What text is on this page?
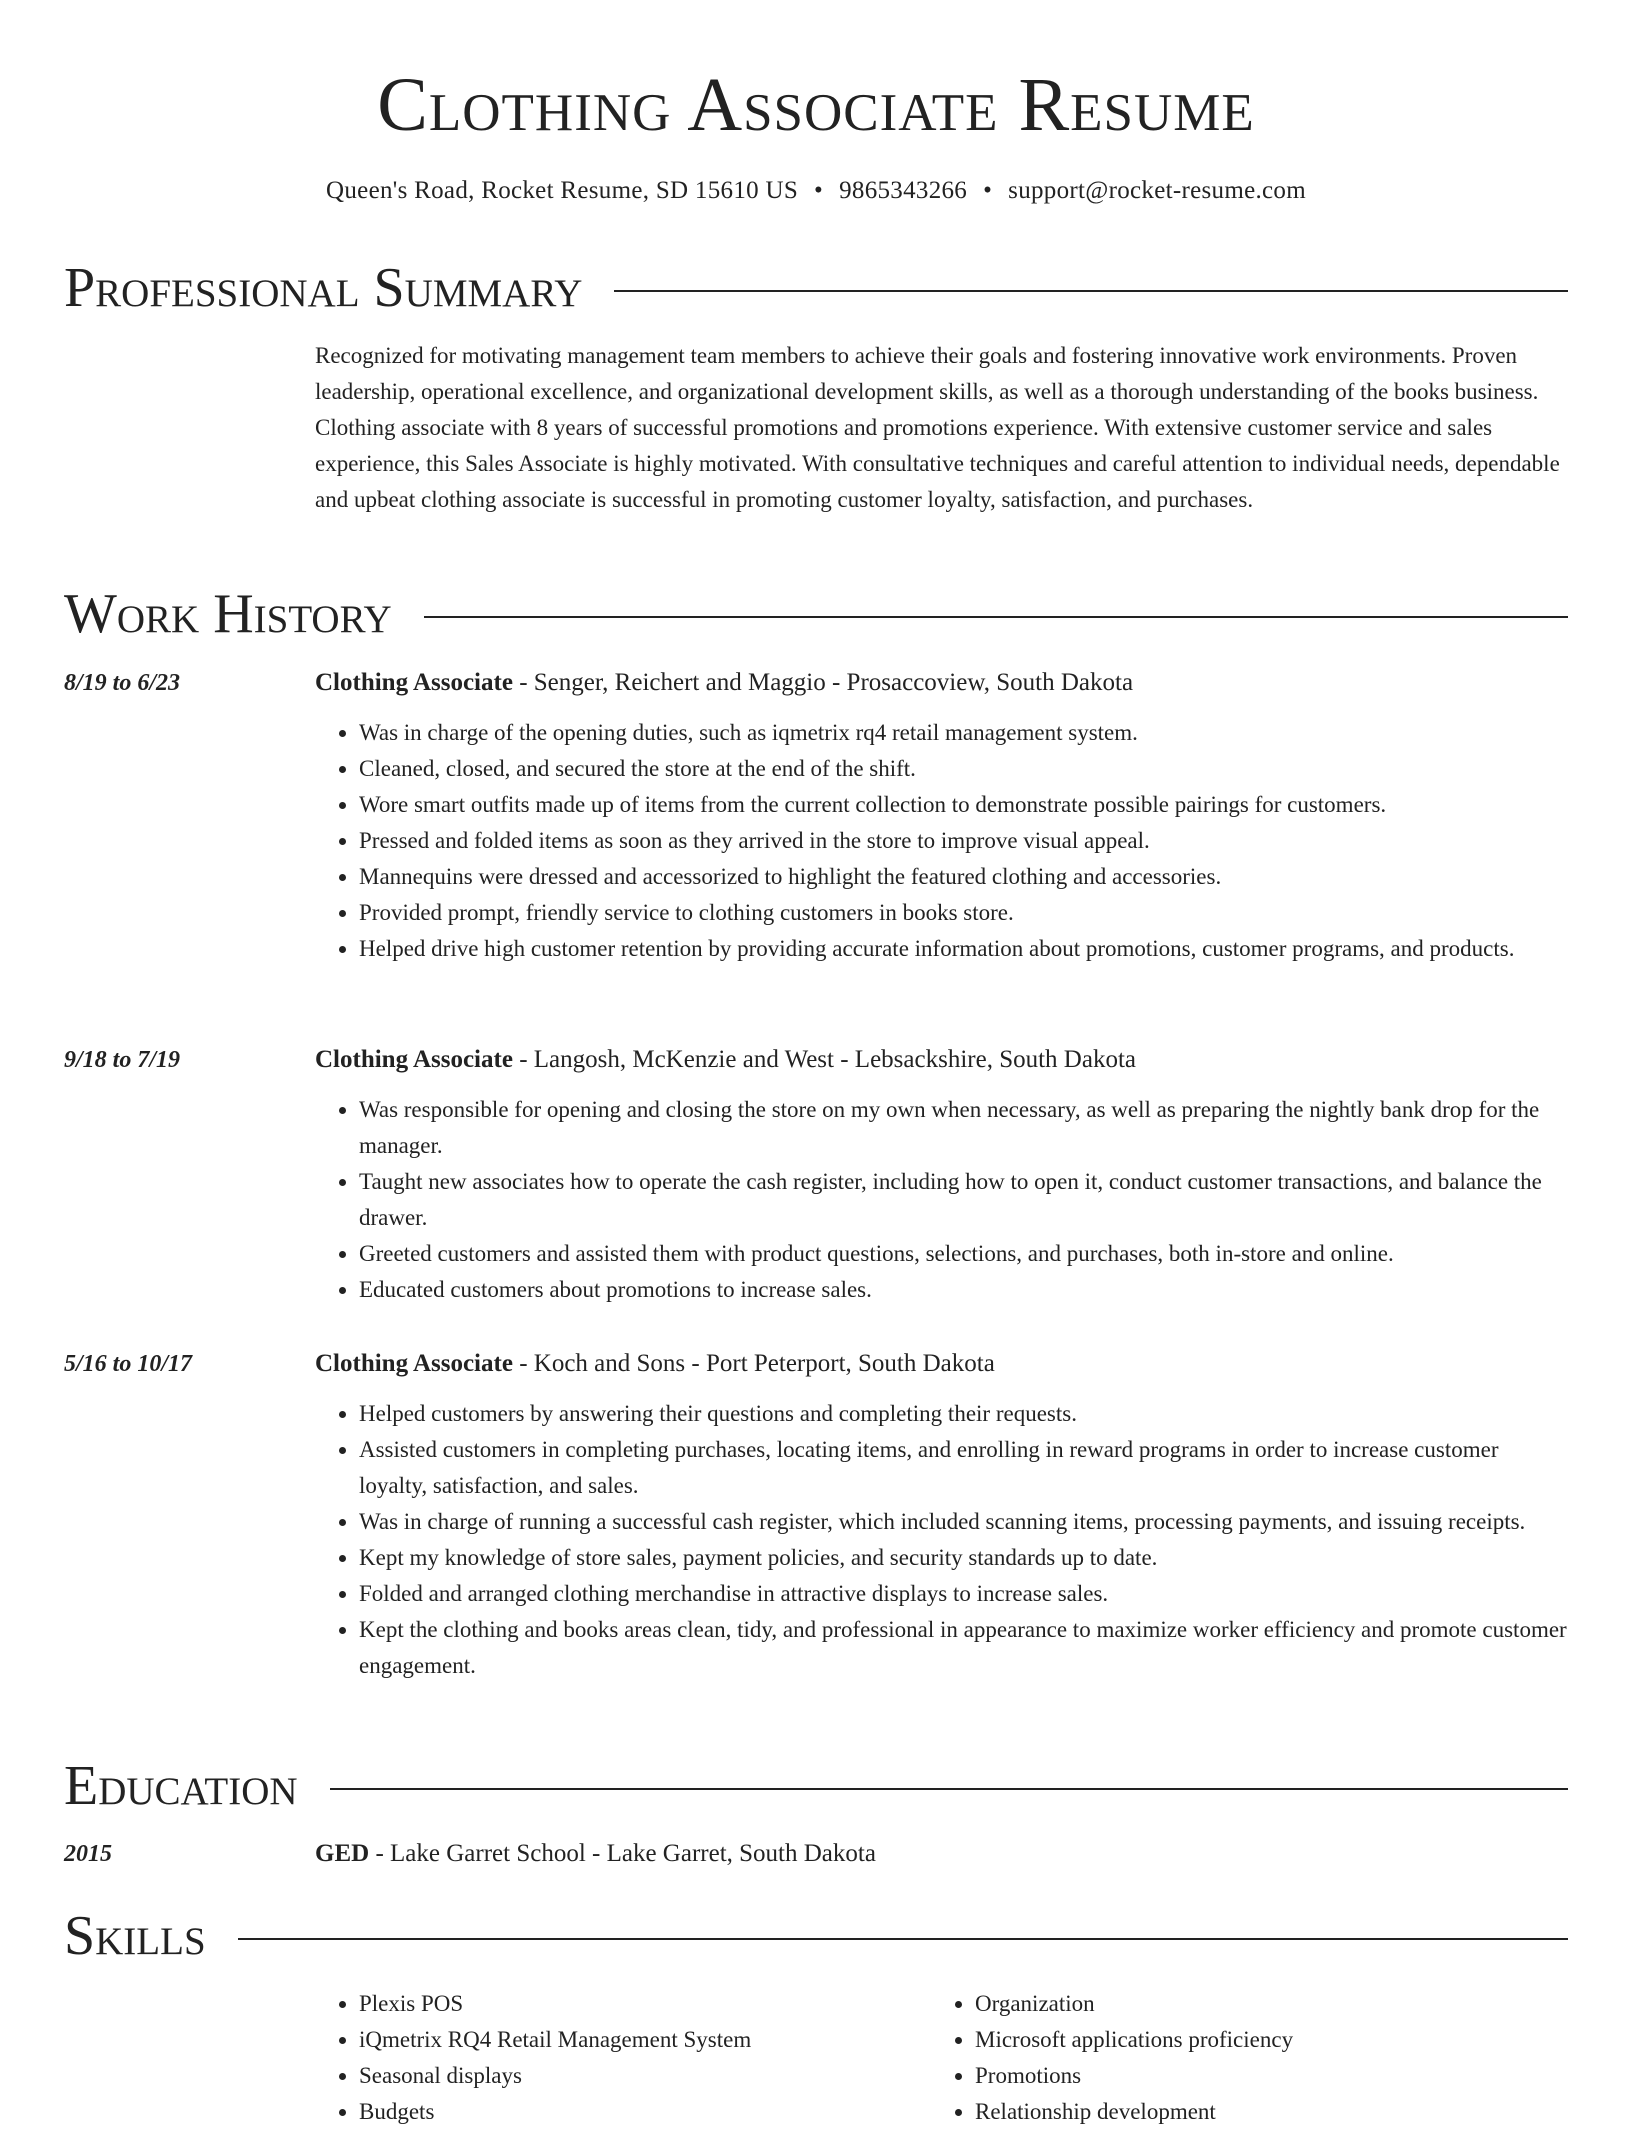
Clothing Associate Resume
Queen's Road, Rocket Resume, SD 15610 US • 9865343266 • support@rocket-resume.com
Professional Summary

Recognized for motivating management team members to achieve their goals and fostering innovative work environments. Proven leadership, operational excellence, and organizational development skills, as well as a thorough understanding of the books business. Clothing associate with 8 years of successful promotions and promotions experience. With extensive customer service and sales experience, this Sales Associate is highly motivated. With consultative techniques and careful attention to individual needs, dependable and upbeat clothing associate is successful in promoting customer loyalty, satisfaction, and purchases.

Work History
8/19 to 6/23	Clothing Associate - Senger, Reichert and Maggio - Prosaccoview, South Dakota
• Was in charge of the opening duties, such as iqmetrix rq4 retail management system.
• Cleaned, closed, and secured the store at the end of the shift.
• Wore smart outfits made up of items from the current collection to demonstrate possible pairings for customers.
• Pressed and folded items as soon as they arrived in the store to improve visual appeal.
• Mannequins were dressed and accessorized to highlight the featured clothing and accessories.
• Provided prompt, friendly service to clothing customers in books store.
• Helped drive high customer retention by providing accurate information about promotions, customer programs, and products.
9/18 to 7/19	Clothing Associate - Langosh, McKenzie and West - Lebsackshire, South Dakota
• Was responsible for opening and closing the store on my own when necessary, as well as preparing the nightly bank drop for the manager.
• Taught new associates how to operate the cash register, including how to open it, conduct customer transactions, and balance the drawer.
• Greeted customers and assisted them with product questions, selections, and purchases, both in-store and online.
• Educated customers about promotions to increase sales.
5/16 to 10/17	Clothing Associate - Koch and Sons - Port Peterport, South Dakota
• Helped customers by answering their questions and completing their requests.
• Assisted customers in completing purchases, locating items, and enrolling in reward programs in order to increase customer loyalty, satisfaction, and sales.
• Was in charge of running a successful cash register, which included scanning items, processing payments, and issuing receipts.
• Kept my knowledge of store sales, payment policies, and security standards up to date.
• Folded and arranged clothing merchandise in attractive displays to increase sales.
• Kept the clothing and books areas clean, tidy, and professional in appearance to maximize worker efficiency and promote customer engagement.
Education
2015	GED - Lake Garret School - Lake Garret, South Dakota
Skills
• Plexis POS
• iQmetrix RQ4 Retail Management System
• Seasonal displays
• Budgets
• Organization
• Microsoft applications proficiency
• Promotions
• Relationship development
